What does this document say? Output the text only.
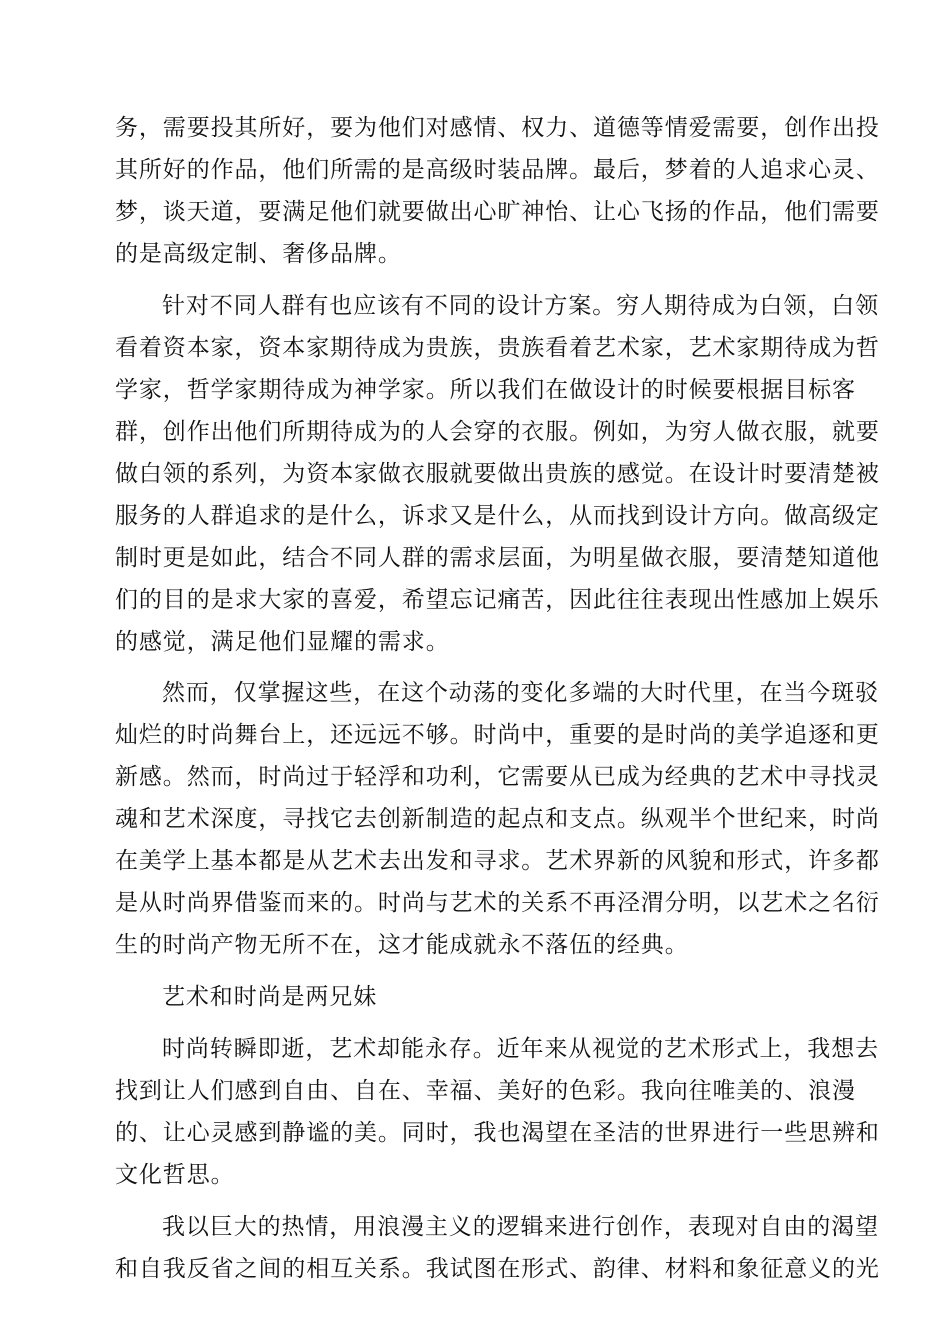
务，需要投其所好，要为他们对感情、权力、道德等情爱需要，创作出投
其所好的作品，他们所需的是高级时装品牌。最后，梦着的人追求心灵、
梦，谈天道，要满足他们就要做出心旷神怡、让心飞扬的作品，他们需要
的是高级定制、奢侈品牌。
针对不同人群有也应该有不同的设计方案。穷人期待成为白领，白领
看着资本家，资本家期待成为贵族，贵族看着艺术家，艺术家期待成为哲
学家，哲学家期待成为神学家。所以我们在做设计的时候要根据目标客
群，创作出他们所期待成为的人会穿的衣服。例如，为穷人做衣服，就要
做白领的系列，为资本家做衣服就要做出贵族的感觉。在设计时要清楚被
服务的人群追求的是什么，诉求又是什么，从而找到设计方向。做高级定
制时更是如此，结合不同人群的需求层面，为明星做衣服，要清楚知道他
们的目的是求大家的喜爱，希望忘记痛苦，因此往往表现出性感加上娱乐
的感觉，满足他们显耀的需求。
然而，仅掌握这些，在这个动荡的变化多端的大时代里，在当今斑驳
灿烂的时尚舞台上，还远远不够。时尚中，重要的是时尚的美学追逐和更
新感。然而，时尚过于轻浮和功利，它需要从已成为经典的艺术中寻找灵
魂和艺术深度，寻找它去创新制造的起点和支点。纵观半个世纪来，时尚
在美学上基本都是从艺术去出发和寻求。艺术界新的风貌和形式，许多都
是从时尚界借鉴而来的。时尚与艺术的关系不再泾渭分明，以艺术之名衍
生的时尚产物无所不在，这才能成就永不落伍的经典。
艺术和时尚是两兄妹
时尚转瞬即逝，艺术却能永存。近年来从视觉的艺术形式上，我想去
找到让人们感到自由、自在、幸福、美好的色彩。我向往唯美的、浪漫
的、让心灵感到静谧的美。同时，我也渴望在圣洁的世界进行一些思辨和
文化哲思。
我以巨大的热情，用浪漫主义的逻辑来进行创作，表现对自由的渴望
和自我反省之间的相互关系。我试图在形式、韵律、材料和象征意义的光
